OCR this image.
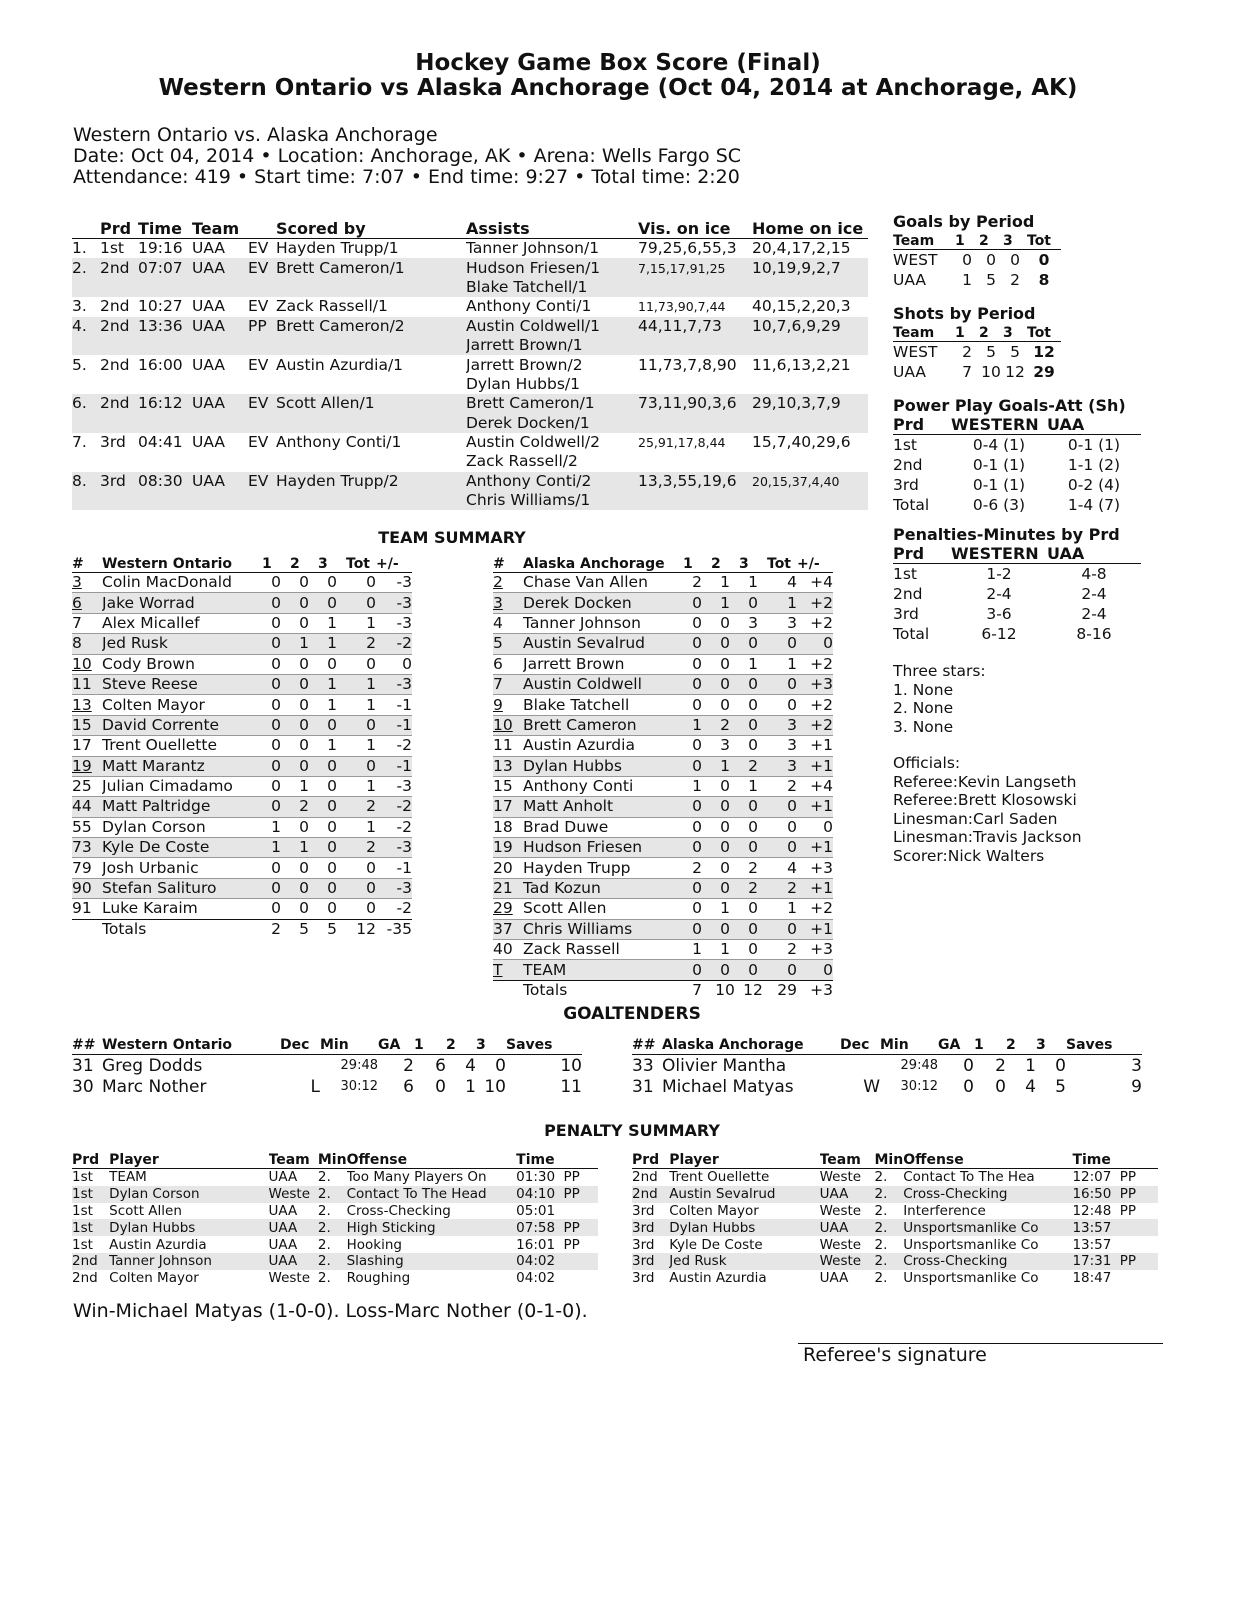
Hockey Game Box Score (Final)
Western Ontario vs Alaska Anchorage (Oct 04, 2014 at Anchorage, AK)
Western Ontario vs. Alaska Anchorage
Date: Oct 04, 2014 • Location: Anchorage, AK • Arena: Wells Fargo SC
Attendance: 419 • Start time: 7:07 • End time: 9:27 • Total time: 2:20
	Prd	Time	Team		Scored by	Assists	Vis. on ice	Home on ice
1.	1st	19:16	UAA	EV	Hayden Trupp/1	Tanner Johnson/1	79,25,6,55,3	20,4,17,2,15
2.	2nd	07:07	UAA	EV	Brett Cameron/1	Hudson Friesen/1	7,15,17,91,25	10,19,9,2,7
						Blake Tatchell/1		
3.	2nd	10:27	UAA	EV	Zack Rassell/1	Anthony Conti/1	11,73,90,7,44	40,15,2,20,3
4.	2nd	13:36	UAA	PP	Brett Cameron/2	Austin Coldwell/1	44,11,7,73	10,7,6,9,29
						Jarrett Brown/1		
5.	2nd	16:00	UAA	EV	Austin Azurdia/1	Jarrett Brown/2	11,73,7,8,90	11,6,13,2,21
						Dylan Hubbs/1		
6.	2nd	16:12	UAA	EV	Scott Allen/1	Brett Cameron/1	73,11,90,3,6	29,10,3,7,9
						Derek Docken/1		
7.	3rd	04:41	UAA	EV	Anthony Conti/1	Austin Coldwell/2	25,91,17,8,44	15,7,40,29,6
						Zack Rassell/2		
8.	3rd	08:30	UAA	EV	Hayden Trupp/2	Anthony Conti/2	13,3,55,19,6	20,15,37,4,40
						Chris Williams/1		
Goals by Period
Team	1	2	3	Tot
WEST	0	0	0	0
UAA	1	5	2	8
Shots by Period
Team	1	2	3	Tot
WEST	2	5	5	12
UAA	7	10	12	29
Power Play Goals-Att (Sh)
Prd	WESTERN	UAA
1st	0-4 (1)	0-1 (1)
2nd	0-1 (1)	1-1 (2)
3rd	0-1 (1)	0-2 (4)
Total	0-6 (3)	1-4 (7)
Penalties-Minutes by Prd
Prd	WESTERN	UAA
1st	1-2	4-8
2nd	2-4	2-4
3rd	3-6	2-4
Total	6-12	8-16
Three stars:
1. None
2. None
3. None
Officials:
Referee:Kevin Langseth
Referee:Brett Klosowski
Linesman:Carl Saden
Linesman:Travis Jackson
Scorer:Nick Walters
TEAM SUMMARY
#	Western Ontario	1	2	3	Tot	+/-
3	Colin MacDonald	0	0	0	0	-3
6	Jake Worrad	0	0	0	0	-3
7	Alex Micallef	0	0	1	1	-3
8	Jed Rusk	0	1	1	2	-2
10	Cody Brown	0	0	0	0	0
11	Steve Reese	0	0	1	1	-3
13	Colten Mayor	0	0	1	1	-1
15	David Corrente	0	0	0	0	-1
17	Trent Ouellette	0	0	1	1	-2
19	Matt Marantz	0	0	0	0	-1
25	Julian Cimadamo	0	1	0	1	-3
44	Matt Paltridge	0	2	0	2	-2
55	Dylan Corson	1	0	0	1	-2
73	Kyle De Coste	1	1	0	2	-3
79	Josh Urbanic	0	0	0	0	-1
90	Stefan Salituro	0	0	0	0	-3
91	Luke Karaim	0	0	0	0	-2
	Totals	2	5	5	12	-35
#	Alaska Anchorage	1	2	3	Tot	+/-
2	Chase Van Allen	2	1	1	4	+4
3	Derek Docken	0	1	0	1	+2
4	Tanner Johnson	0	0	3	3	+2
5	Austin Sevalrud	0	0	0	0	0
6	Jarrett Brown	0	0	1	1	+2
7	Austin Coldwell	0	0	0	0	+3
9	Blake Tatchell	0	0	0	0	+2
10	Brett Cameron	1	2	0	3	+2
11	Austin Azurdia	0	3	0	3	+1
13	Dylan Hubbs	0	1	2	3	+1
15	Anthony Conti	1	0	1	2	+4
17	Matt Anholt	0	0	0	0	+1
18	Brad Duwe	0	0	0	0	0
19	Hudson Friesen	0	0	0	0	+1
20	Hayden Trupp	2	0	2	4	+3
21	Tad Kozun	0	0	2	2	+1
29	Scott Allen	0	1	0	1	+2
37	Chris Williams	0	0	0	0	+1
40	Zack Rassell	1	1	0	2	+3
T	TEAM	0	0	0	0	0
	Totals	7	10	12	29	+3
GOALTENDERS
##	Western Ontario	Dec	Min	GA	1	2	3	Saves
31	Greg Dodds		29:48	2	6	4	0	10
30	Marc Nother	L	30:12	6	0	1	10	11
##	Alaska Anchorage	Dec	Min	GA	1	2	3	Saves
33	Olivier Mantha		29:48	0	2	1	0	3
31	Michael Matyas	W	30:12	0	0	4	5	9
PENALTY SUMMARY
Prd	Player	Team	Min	Offense	Time	
1st	TEAM	UAA	2.	Too Many Players On	01:30	PP
1st	Dylan Corson	Weste	2.	Contact To The Head	04:10	PP
1st	Scott Allen	UAA	2.	Cross-Checking	05:01	
1st	Dylan Hubbs	UAA	2.	High Sticking	07:58	PP
1st	Austin Azurdia	UAA	2.	Hooking	16:01	PP
2nd	Tanner Johnson	UAA	2.	Slashing	04:02	
2nd	Colten Mayor	Weste	2.	Roughing	04:02	
Prd	Player	Team	Min	Offense	Time	
2nd	Trent Ouellette	Weste	2.	Contact To The Hea	12:07	PP
2nd	Austin Sevalrud	UAA	2.	Cross-Checking	16:50	PP
3rd	Colten Mayor	Weste	2.	Interference	12:48	PP
3rd	Dylan Hubbs	UAA	2.	Unsportsmanlike Co	13:57	
3rd	Kyle De Coste	Weste	2.	Unsportsmanlike Co	13:57	
3rd	Jed Rusk	Weste	2.	Cross-Checking	17:31	PP
3rd	Austin Azurdia	UAA	2.	Unsportsmanlike Co	18:47	
Win-Michael Matyas (1-0-0). Loss-Marc Nother (0-1-0).
Referee's signature
